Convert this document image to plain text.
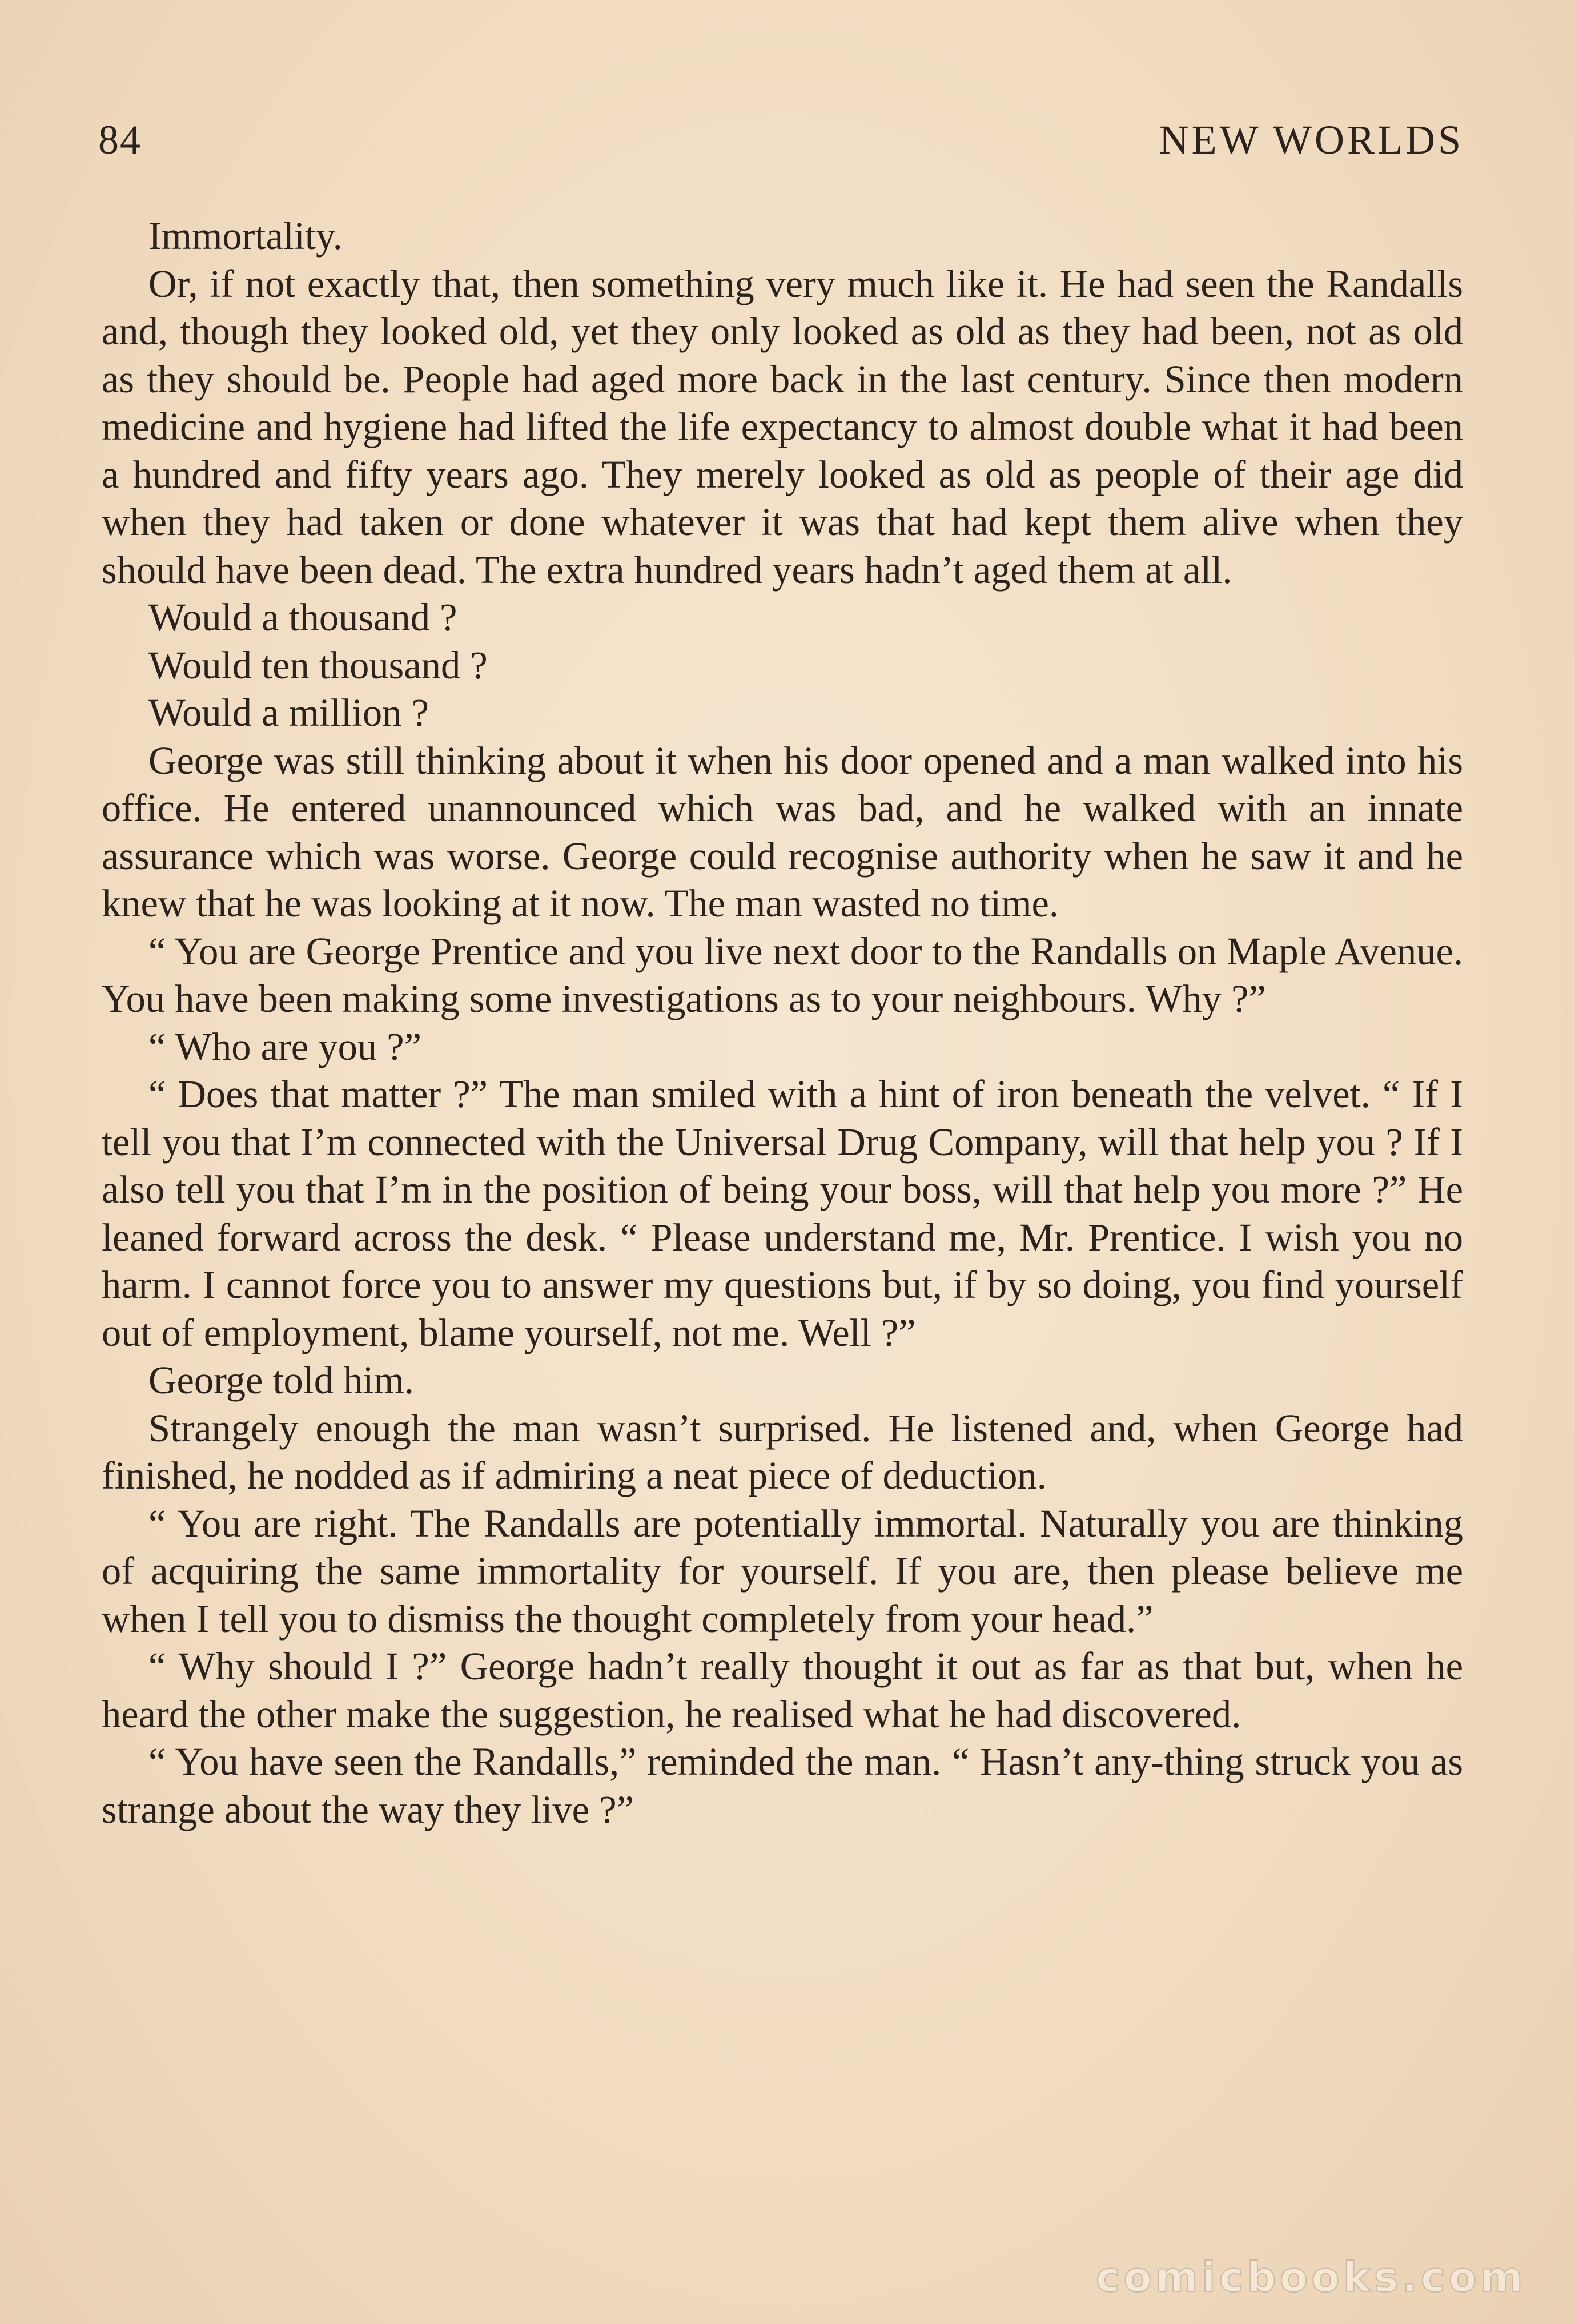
84	NEW WORLDS

Immortality.

Or, if not exactly that, then something very much like it. He had seen the Randalls and, though they looked old, yet they only looked as old as they had been, not as old as they should be. People had aged more back in the last century. Since then modern medicine and hygiene had lifted the life expectancy to almost double what it had been a hundred and fifty years ago. They merely looked as old as people of their age did when they had taken or done whatever it was that had kept them alive when they should have been dead. The extra hundred years hadn’t aged them at all.

Would a thousand ?

Would ten thousand ?

Would a million ?

George was still thinking about it when his door opened and a man walked into his office. He entered unannounced which was bad, and he walked with an innate assurance which was worse. George could recognise authority when he saw it and he knew that he was looking at it now. The man wasted no time.

“ You are George Prentice and you live next door to the Randalls on Maple Avenue. You have been making some investigations as to your neighbours. Why ?”

“ Who are you ?”

“ Does that matter ?” The man smiled with a hint of iron beneath the velvet. “ If I tell you that I’m connected with the Universal Drug Company, will that help you ? If I also tell you that I’m in the position of being your boss, will that help you more ?” He leaned forward across the desk. “ Please understand me, Mr. Prentice. I wish you no harm. I cannot force you to answer my questions but, if by so doing, you find yourself out of employment, blame yourself, not me. Well ?”

George told him.

Strangely enough the man wasn’t surprised. He listened and, when George had finished, he nodded as if admiring a neat piece of deduction.

“ You are right. The Randalls are potentially immortal. Naturally you are thinking of acquiring the same immortality for yourself. If you are, then please believe me when I tell you to dismiss the thought completely from your head.”

“ Why should I ?” George hadn’t really thought it out as far as that but, when he heard the other make the suggestion, he realised what he had discovered.

“ You have seen the Randalls,” reminded the man. “ Hasn’t any-thing struck you as strange about the way they live ?”

comicbooks.com
